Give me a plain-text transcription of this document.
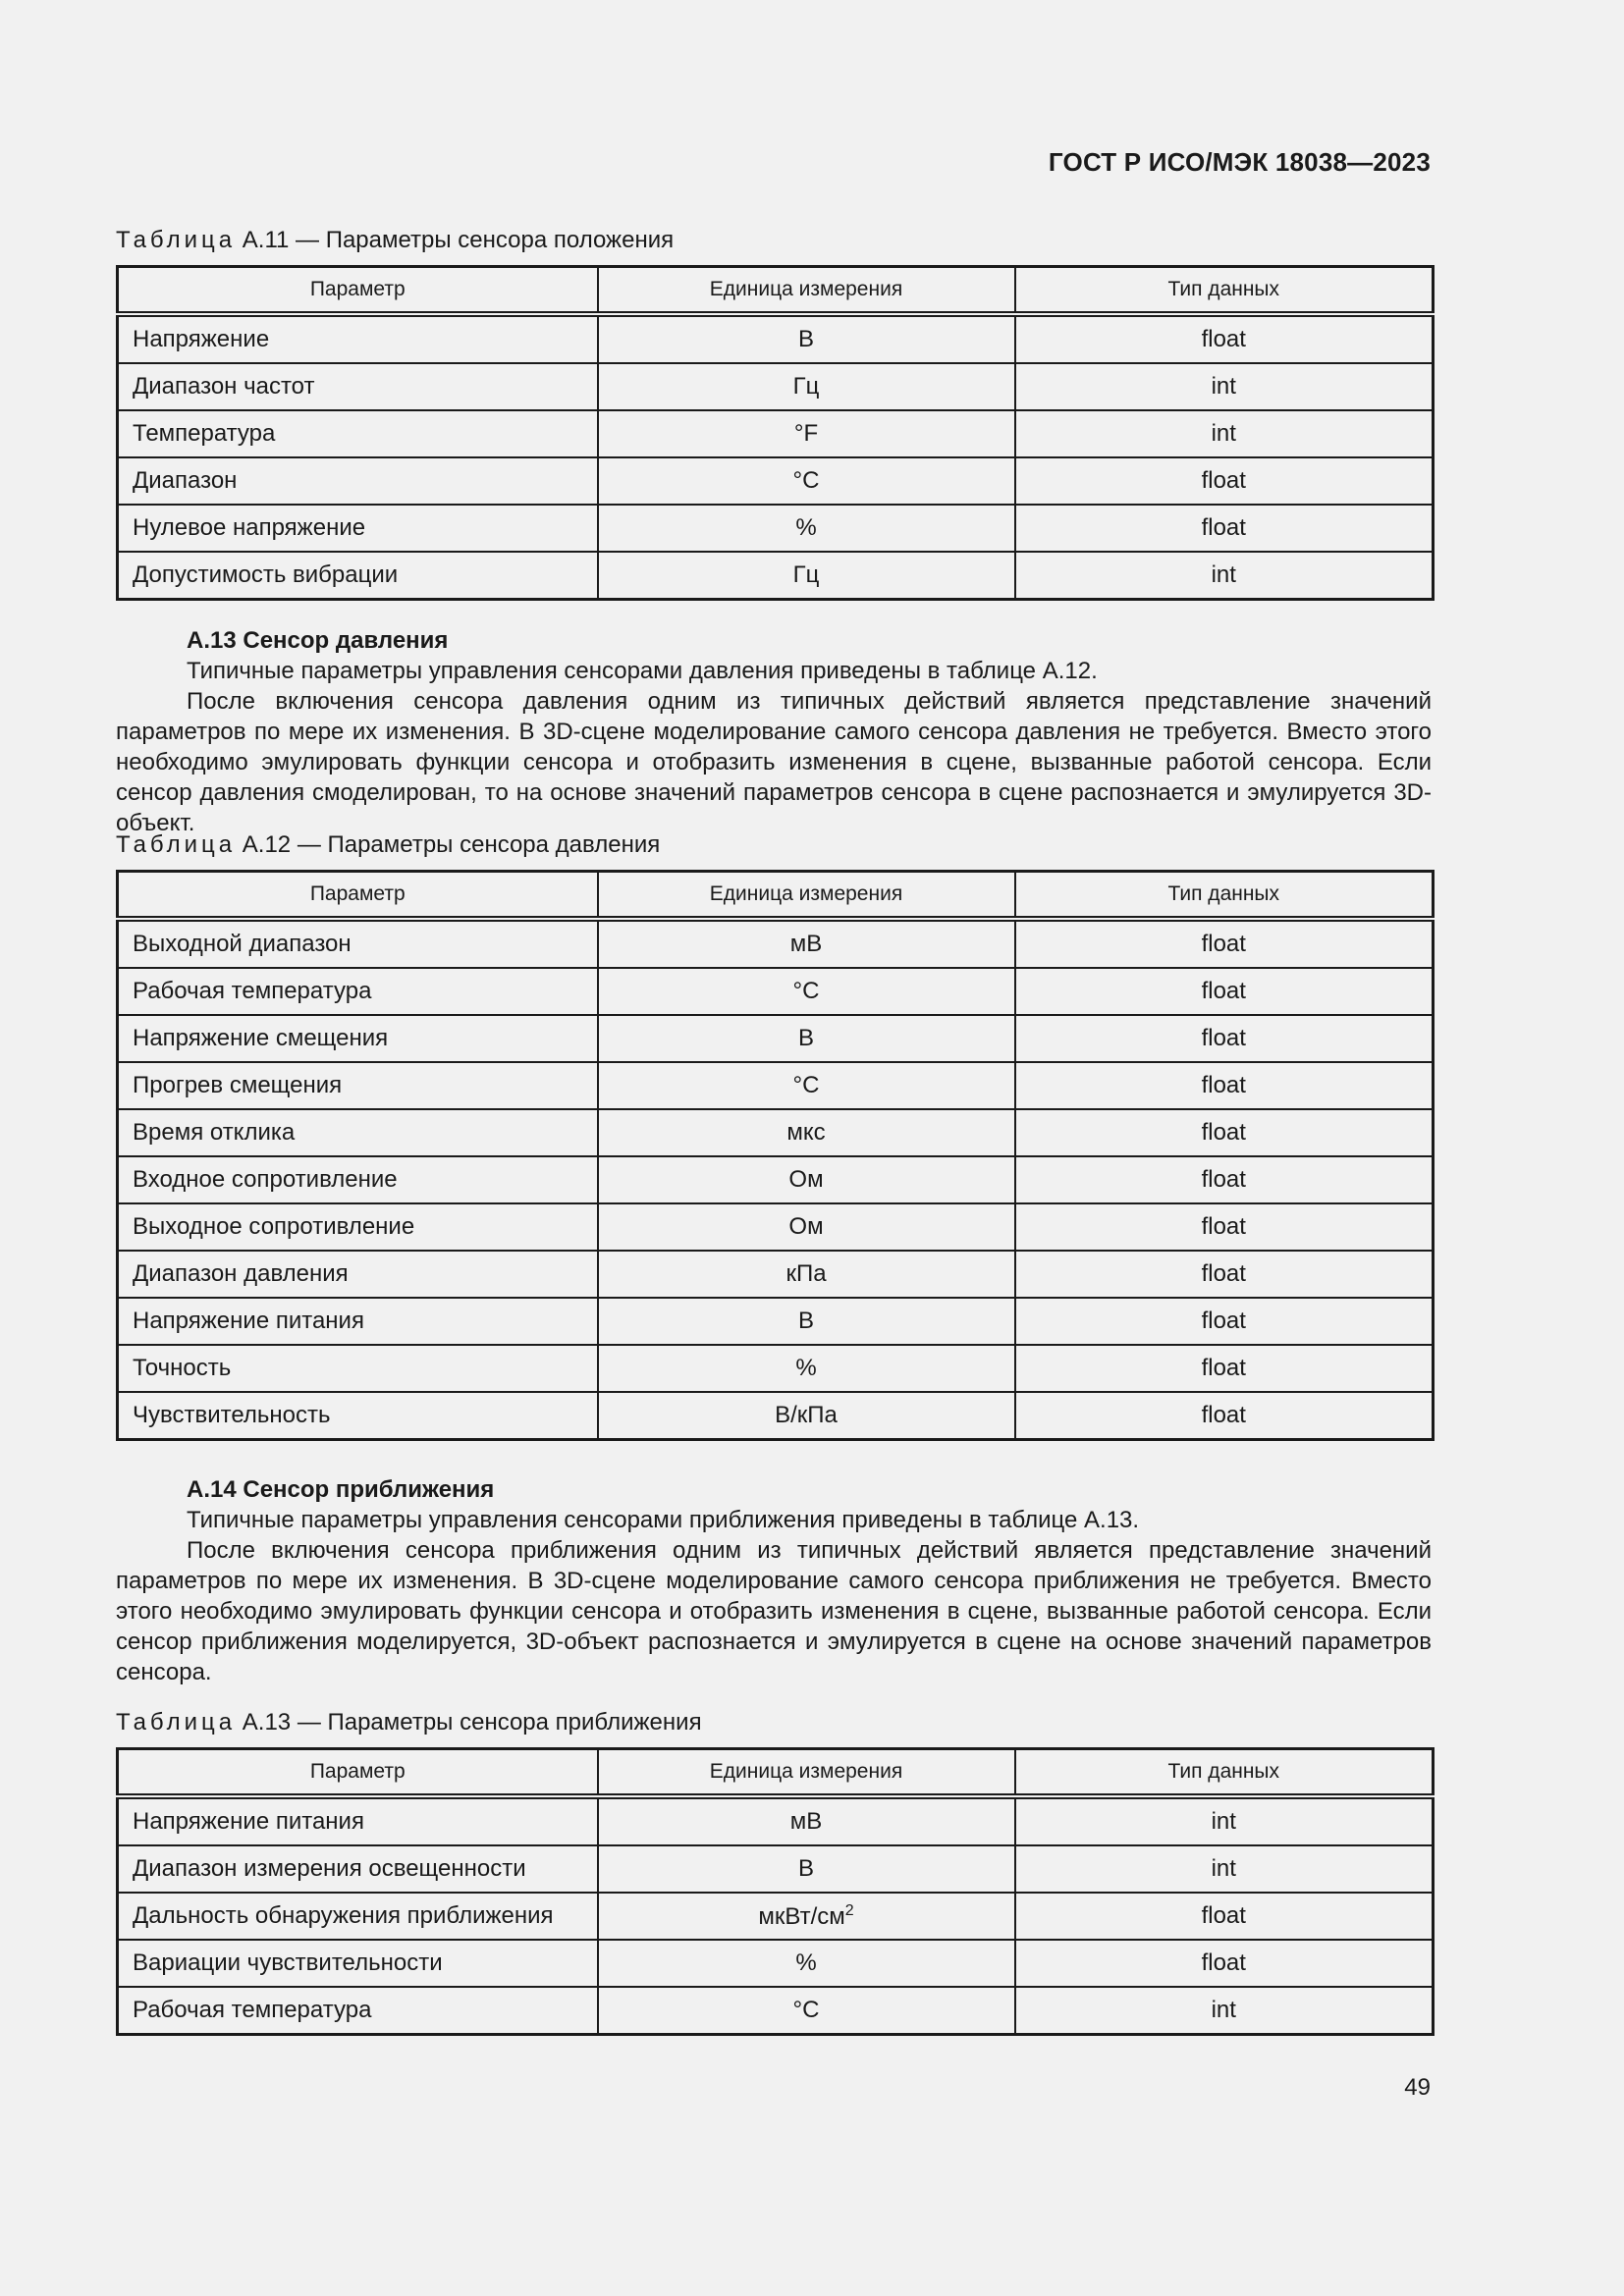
ГОСТ Р ИСО/МЭК 18038—2023
Таблица А.11 — Параметры сенсора положения
Параметр	Единица измерения	Тип данных
Напряжение	В	float
Диапазон частот	Гц	int
Температура	°F	int
Диапазон	°C	float
Нулевое напряжение	%	float
Допустимость вибрации	Гц	int
А.13 Сенсор давления

Типичные параметры управления сенсорами давления приведены в таблице А.12.

После включения сенсора давления одним из типичных действий является представление значений параметров по мере их изменения. В 3D-сцене моделирование самого сенсора давления не требуется. Вместо этого необходимо эмулировать функции сенсора и отобразить изменения в сцене, вызванные работой сенсора. Если сенсор давления смоделирован, то на основе значений параметров сенсора в сцене распознается и эмулируется 3D-объект.

Таблица А.12 — Параметры сенсора давления
Параметр	Единица измерения	Тип данных
Выходной диапазон	мВ	float
Рабочая температура	°C	float
Напряжение смещения	В	float
Прогрев смещения	°C	float
Время отклика	мкс	float
Входное сопротивление	Ом	float
Выходное сопротивление	Ом	float
Диапазон давления	кПа	float
Напряжение питания	В	float
Точность	%	float
Чувствительность	В/кПа	float
А.14 Сенсор приближения

Типичные параметры управления сенсорами приближения приведены в таблице А.13.

После включения сенсора приближения одним из типичных действий является представление значений параметров по мере их изменения. В 3D-сцене моделирование самого сенсора приближения не требуется. Вместо этого необходимо эмулировать функции сенсора и отобразить изменения в сцене, вызванные работой сенсора. Если сенсор приближения моделируется, 3D-объект распознается и эмулируется в сцене на основе значений параметров сенсора.

Таблица А.13 — Параметры сенсора приближения
Параметр	Единица измерения	Тип данных
Напряжение питания	мВ	int
Диапазон измерения освещенности	В	int
Дальность обнаружения приближения	мкВт/$см^2$	float
Вариации чувствительности	%	float
Рабочая температура	°C	int
49
